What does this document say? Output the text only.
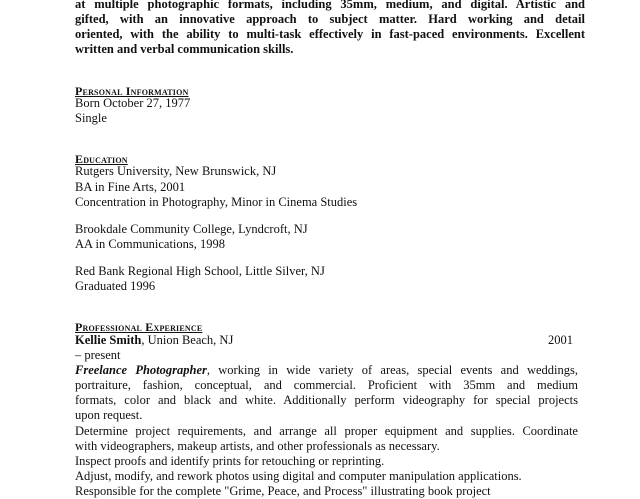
at multiple photographic formats, including 35mm, medium, and digital. Artistic and
gifted, with an innovative approach to subject matter. Hard working and detail
oriented, with the ability to multi-task effectively in fast-paced environments. Excellent
written and verbal communication skills.
Personal Information
Born October 27, 1977
Single
Education
Rutgers University, New Brunswick, NJ
BA in Fine Arts, 2001
Concentration in Photography, Minor in Cinema Studies
Brookdale Community College, Lyndcroft, NJ
AA in Communications, 1998
Red Bank Regional High School, Little Silver, NJ
Graduated 1996
Professional Experience
Kellie Smith, Union Beach, NJ	2001
– present
Freelance Photographer, working in wide variety of areas, special events and weddings,
portraiture, fashion, conceptual, and commercial. Proficient with 35mm and medium
formats, color and black and white. Additionally perform videography for special projects
upon request.
Determine project requirements, and arrange all proper equipment and supplies. Coordinate
with videographers, makeup artists, and other professionals as necessary.
Inspect proofs and identify prints for retouching or reprinting.
Adjust, modify, and rework photos using digital and computer manipulation applications.
Responsible for the complete "Grime, Peace, and Process" illustrating book project
